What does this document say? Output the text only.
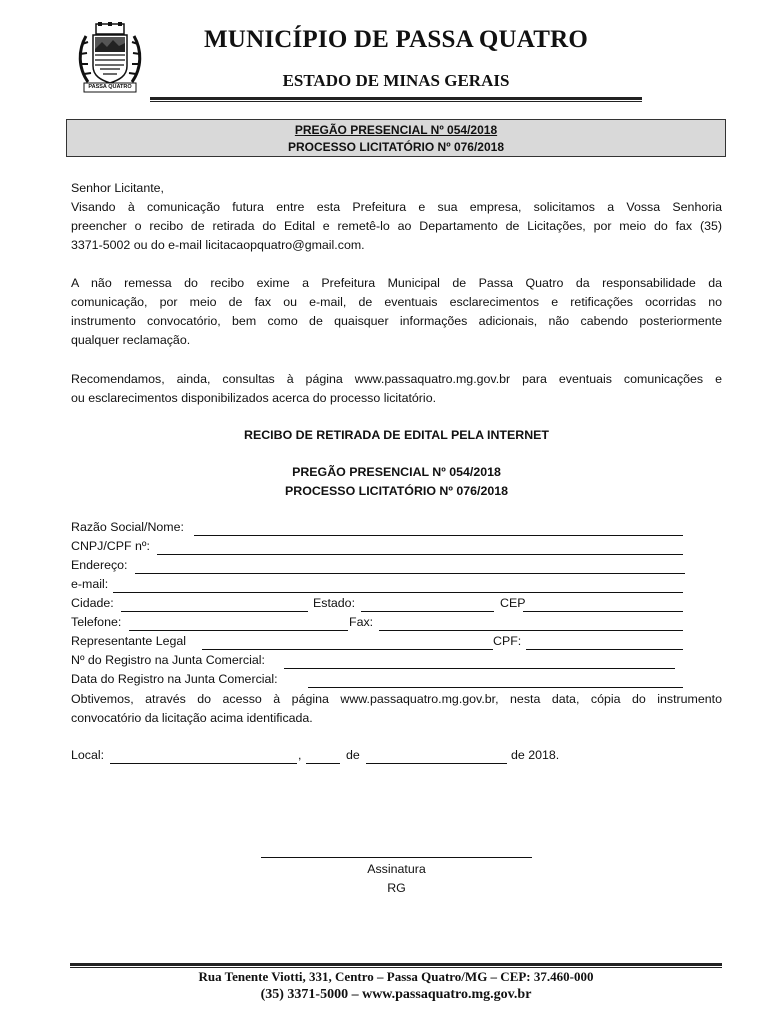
PASSA QUATRO
MUNICÍPIO DE PASSA QUATRO
ESTADO DE MINAS GERAIS
PREGÃO PRESENCIAL Nº 054/2018
PROCESSO LICITATÓRIO Nº 076/2018
Senhor Licitante,
Visando à comunicação futura entre esta Prefeitura e sua empresa, solicitamos a Vossa Senhoria
preencher o recibo de retirada do Edital e remetê-lo ao Departamento de Licitações, por meio do fax (35)
3371-5002 ou do e-mail licitacaopquatro@gmail.com.
A não remessa do recibo exime a Prefeitura Municipal de Passa Quatro da responsabilidade da
comunicação, por meio de fax ou e-mail, de eventuais esclarecimentos e retificações ocorridas no
instrumento convocatório, bem como de quaisquer informações adicionais, não cabendo posteriormente
qualquer reclamação.
Recomendamos, ainda, consultas à página www.passaquatro.mg.gov.br para eventuais comunicações e
ou esclarecimentos disponibilizados acerca do processo licitatório.
RECIBO DE RETIRADA DE EDITAL PELA INTERNET
PREGÃO PRESENCIAL Nº 054/2018
PROCESSO LICITATÓRIO Nº 076/2018
Razão Social/Nome:
CNPJ/CPF nº:
Endereço:
e-mail:
Cidade:	Estado:	CEP
Telefone:	Fax:
Representante Legal	CPF:
Nº do Registro na Junta Comercial:
Data do Registro na Junta Comercial:
Obtivemos, através do acesso à página www.passaquatro.mg.gov.br, nesta data, cópia do instrumento
convocatório da licitação acima identificada.
Local:	,	de	de 2018.
Assinatura
RG
Rua Tenente Viotti, 331, Centro – Passa Quatro/MG – CEP: 37.460-000
(35) 3371-5000 – www.passaquatro.mg.gov.br
